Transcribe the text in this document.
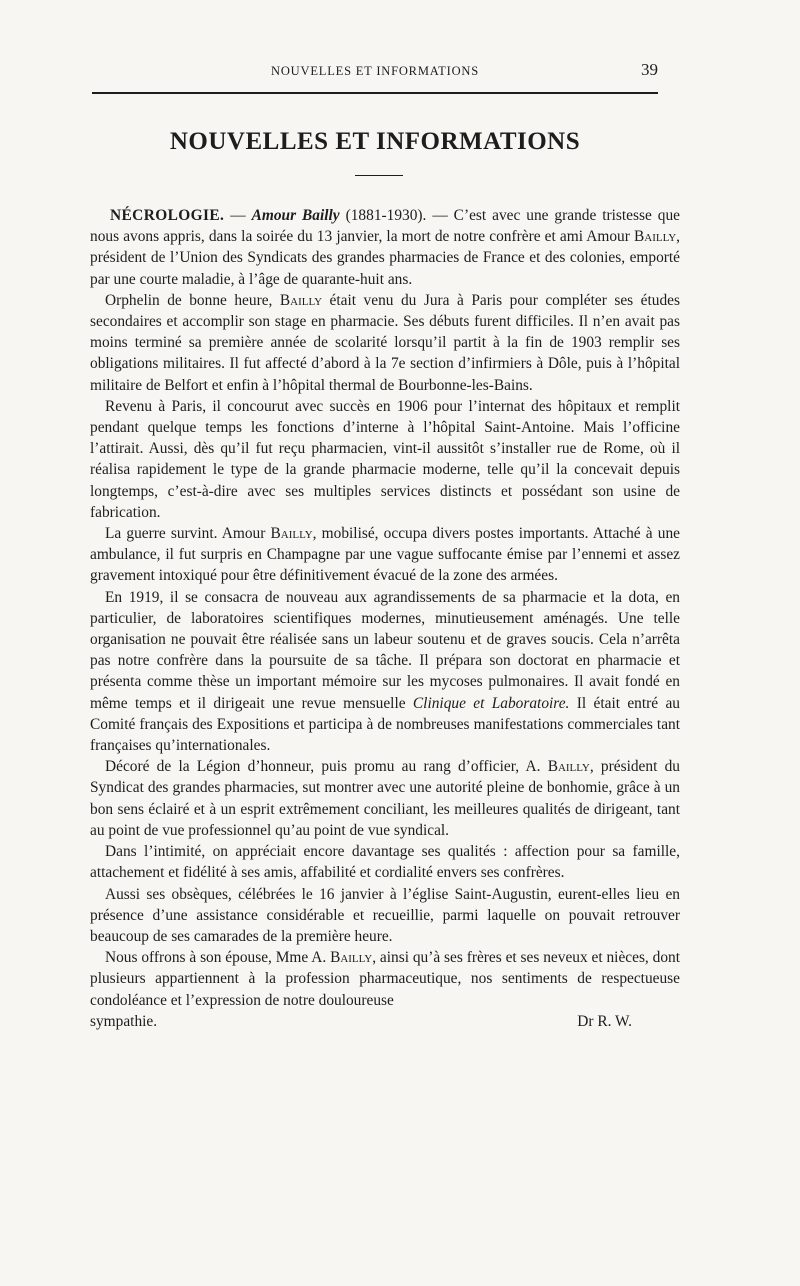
NOUVELLES ET INFORMATIONS	39
NOUVELLES ET INFORMATIONS

NÉCROLOGIE. — Amour Bailly (1881-1930). — C’est avec une grande tristesse que nous avons appris, dans la soirée du 13 janvier, la mort de notre confrère et ami Amour Bailly, président de l’Union des Syndicats des grandes pharmacies de France et des colonies, emporté par une courte maladie, à l’âge de quarante-huit ans.

Orphelin de bonne heure, Bailly était venu du Jura à Paris pour compléter ses études secondaires et accomplir son stage en pharmacie. Ses débuts furent difficiles. Il n’en avait pas moins terminé sa première année de scolarité lorsqu’il partit à la fin de 1903 remplir ses obligations militaires. Il fut affecté d’abord à la 7e section d’infirmiers à Dôle, puis à l’hôpital militaire de Belfort et enfin à l’hôpital thermal de Bourbonne-les-Bains.

Revenu à Paris, il concourut avec succès en 1906 pour l’internat des hôpitaux et remplit pendant quelque temps les fonctions d’interne à l’hôpital Saint-Antoine. Mais l’officine l’attirait. Aussi, dès qu’il fut reçu pharmacien, vint-il aussitôt s’installer rue de Rome, où il réalisa rapidement le type de la grande pharmacie moderne, telle qu’il la concevait depuis longtemps, c’est-à-dire avec ses multiples services distincts et possédant son usine de fabrication.

La guerre survint. Amour Bailly, mobilisé, occupa divers postes importants. Attaché à une ambulance, il fut surpris en Champagne par une vague suffocante émise par l’ennemi et assez gravement intoxiqué pour être définitivement évacué de la zone des armées.

En 1919, il se consacra de nouveau aux agrandissements de sa pharmacie et la dota, en particulier, de laboratoires scientifiques modernes, minutieusement aménagés. Une telle organisation ne pouvait être réalisée sans un labeur soutenu et de graves soucis. Cela n’arrêta pas notre confrère dans la poursuite de sa tâche. Il prépara son doctorat en pharmacie et présenta comme thèse un important mémoire sur les mycoses pulmonaires. Il avait fondé en même temps et il dirigeait une revue mensuelle Clinique et Laboratoire. Il était entré au Comité français des Expositions et participa à de nombreuses manifestations commerciales tant françaises qu’internationales.

Décoré de la Légion d’honneur, puis promu au rang d’officier, A. Bailly, président du Syndicat des grandes pharmacies, sut montrer avec une autorité pleine de bonhomie, grâce à un bon sens éclairé et à un esprit extrêmement conciliant, les meilleures qualités de dirigeant, tant au point de vue professionnel qu’au point de vue syndical.

Dans l’intimité, on appréciait encore davantage ses qualités : affection pour sa famille, attachement et fidélité à ses amis, affabilité et cordialité envers ses confrères.

Aussi ses obsèques, célébrées le 16 janvier à l’église Saint-Augustin, eurent-elles lieu en présence d’une assistance considérable et recueillie, parmi laquelle on pouvait retrouver beaucoup de ses camarades de la première heure.

Nous offrons à son épouse, Mme A. Bailly, ainsi qu’à ses frères et ses neveux et nièces, dont plusieurs appartiennent à la profession pharmaceutique, nos sentiments de respectueuse condoléance et l’expression de notre douloureuse

sympathie.	Dr R. W.
